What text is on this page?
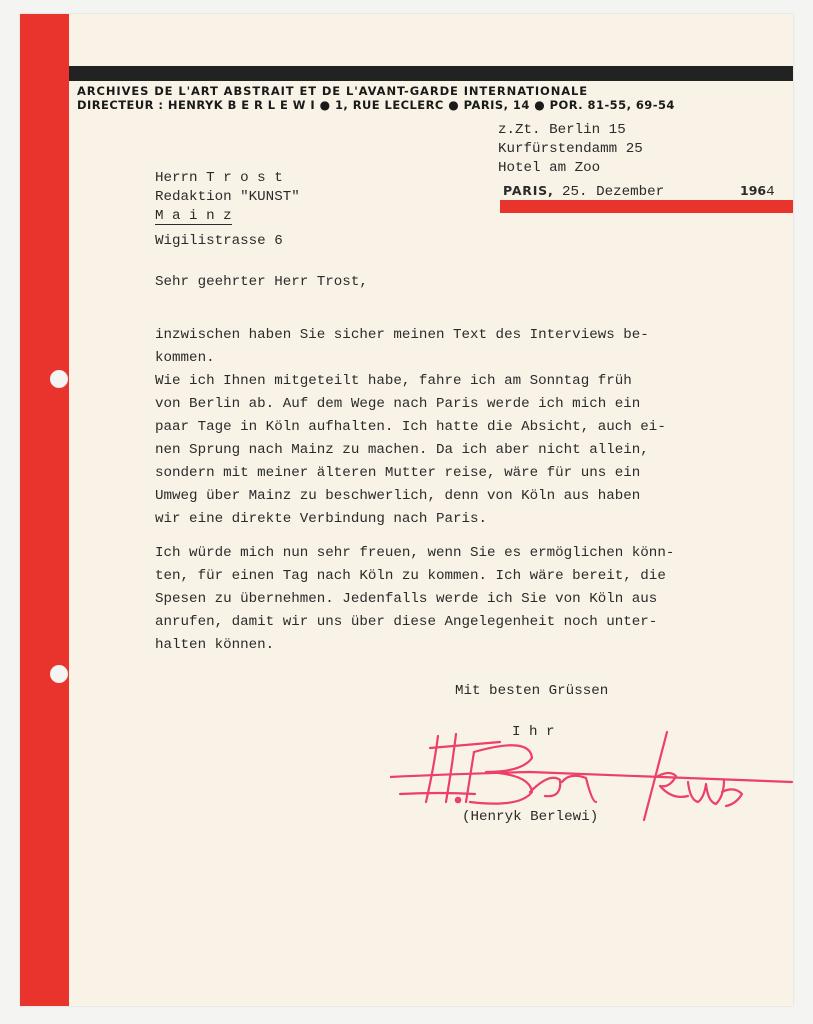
ARCHIVES DE L'ART ABSTRAIT ET DE L'AVANT-GARDE INTERNATIONALE
DIRECTEUR : HENRYK B E R L E W I ● 1, RUE LECLERC ● PARIS, 14 ● POR. 81-55, 69-54
z.Zt. Berlin 15
Kurfürstendamm 25
Hotel am Zoo
Herrn T r o s t
Redaktion "KUNST"
M a i n z
Wigilistrasse 6
PARIS, 25. Dezember	1964
Sehr geehrter Herr Trost,
inzwischen haben Sie sicher meinen Text des Interviews be-
kommen.
Wie ich Ihnen mitgeteilt habe, fahre ich am Sonntag früh
von Berlin ab. Auf dem Wege nach Paris werde ich mich ein
paar Tage in Köln aufhalten. Ich hatte die Absicht, auch ei-
nen Sprung nach Mainz zu machen. Da ich aber nicht allein,
sondern mit meiner älteren Mutter reise, wäre für uns ein
Umweg über Mainz zu beschwerlich, denn von Köln aus haben
wir eine direkte Verbindung nach Paris.
Ich würde mich nun sehr freuen, wenn Sie es ermöglichen könn-
ten, für einen Tag nach Köln zu kommen. Ich wäre bereit, die
Spesen zu übernehmen. Jedenfalls werde ich Sie von Köln aus
anrufen, damit wir uns über diese Angelegenheit noch unter-
halten können.
Mit besten Grüssen
I h r
(Henryk Berlewi)
